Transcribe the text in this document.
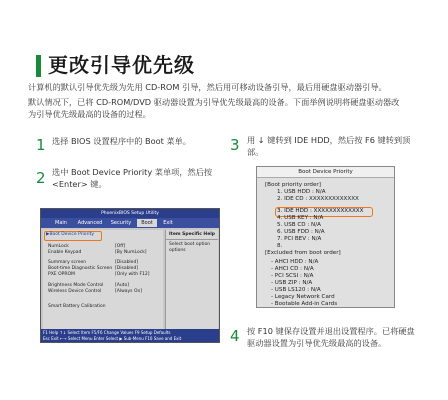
更改引导优先级
计算机的默认引导优先级为先用 CD-ROM 引导，然后用可移动设备引导，最后用硬盘驱动器引导。
默认情况下，已将 CD-ROM/DVD 驱动器设置为引导优先级最高的设备。下面举例说明将硬盘驱动器改
为引导优先级最高的设备的过程。
1 选择 BIOS 设置程序中的 Boot 菜单。
2 选中 Boot Device Priority 菜单项，然后按
<Enter> 键。
3 用 ↓ 键转到 IDE HDD，然后按 F6 键转到顶
部。
4 按 F10 键保存设置并退出设置程序。已将硬盘
驱动器设置为引导优先级最高的设备。
PhoenixBIOS Setup Utility
Main	Advanced	Security	Boot	Exit
▶Boot Device Priority
NumLock	[Off]
Enable Keypad	[By NumLock]
Summary screen	[Disabled]
Boot-time Diagnostic Screen [Disabled]
PXE OPROM	[Only with F12]
Brightness Mode Control	[Auto]
Wireless Device Control	[Always On]
Smart Battery Calibration
Item Specific Help
Select boot option
options
F1 Help ↑↓ Select Item F5/F6 Change Values F9 Setup Defaults
Esc Exit ←→ Select Menu Enter Select ▶ Sub-Menu F10 Save and Exit
Boot Device Priority
[Boot priority order]
1. USB HDD : N/A
2. IDE CD : XXXXXXXXXXXXX
3. IDE HDD : XXXXXXXXXXXXX
4. USB KEY : N/A
5. USB CD : N/A
6. USB FDD : N/A
7. PCI BEV : N/A
8.
[Excluded from boot order]
- AHCI HDD : N/A
- AHCI CD : N/A
- PCI SCSI : N/A
- USB ZIP : N/A
- USB LS120 : N/A
- Legacy Network Card
- Bootable Add-in Cards
